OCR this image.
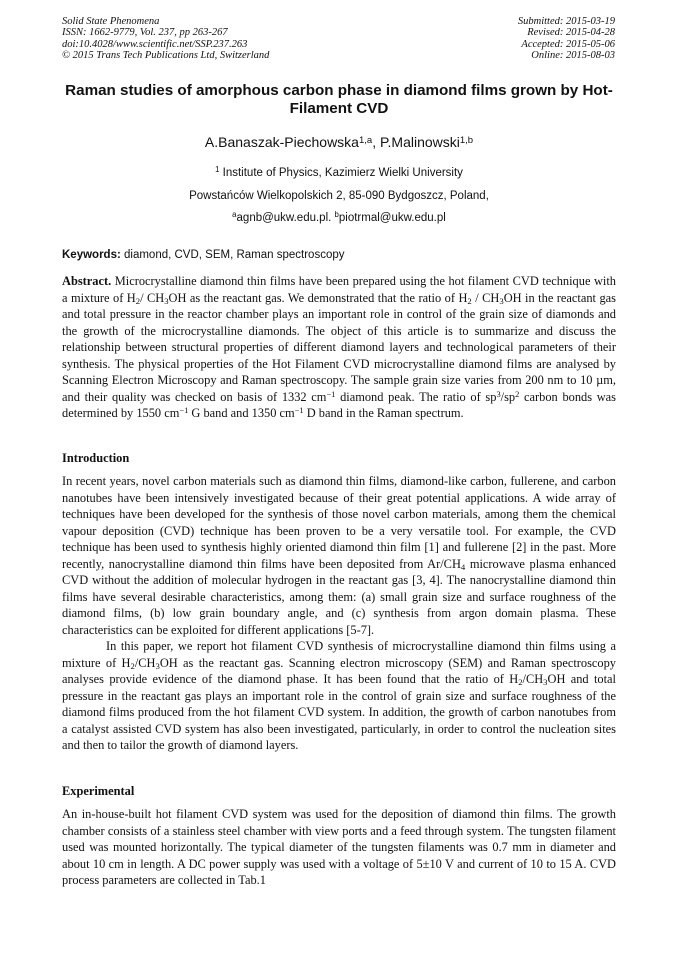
Solid State Phenomena
ISSN: 1662-9779, Vol. 237, pp 263-267
doi:10.4028/www.scientific.net/SSP.237.263
© 2015 Trans Tech Publications Ltd, Switzerland
Submitted: 2015-03-19
Revised: 2015-04-28
Accepted: 2015-05-06
Online: 2015-08-03
Raman studies of amorphous carbon phase in diamond films grown by Hot-Filament CVD
A.Banaszak-Piechowska$^{1,a}$, P.Malinowski$^{1,b}$
$^1$ Institute of Physics, Kazimierz Wielki University
Powstańców Wielkopolskich 2, 85-090 Bydgoszcz, Poland,
$^a$agnb@ukw.edu.pl. $^b$piotrmal@ukw.edu.pl
Keywords: diamond, CVD, SEM, Raman spectroscopy

Abstract. Microcrystalline diamond thin films have been prepared using the hot filament CVD technique with a mixture of $H_2/$ $CH_3OH$ as the reactant gas. We demonstrated that the ratio of $H_2 / CH_3OH$ in the reactant gas and total pressure in the reactor chamber plays an important role in control of the grain size of diamonds and the growth of the microcrystalline diamonds. The object of this article is to summarize and discuss the relationship between structural properties of different diamond layers and technological parameters of their synthesis. The physical properties of the Hot Filament CVD microcrystalline diamond films are analysed by Scanning Electron Microscopy and Raman spectroscopy. The sample grain size varies from 200 nm to 10 µm, and their quality was checked on basis of 1332 $cm^{-1}$ diamond peak. The ratio of $sp^3/sp^2$ carbon bonds was determined by 1550 $cm^{-1}$ G band and 1350 $cm^{-1}$ D band in the Raman spectrum.

Introduction

In recent years, novel carbon materials such as diamond thin films, diamond-like carbon, fullerene, and carbon nanotubes have been intensively investigated because of their great potential applications. A wide array of techniques have been developed for the synthesis of those novel carbon materials, among them the chemical vapour deposition (CVD) technique has been proven to be a very versatile tool. For example, the CVD technique has been used to synthesis highly oriented diamond thin film [1] and fullerene [2] in the past. More recently, nanocrystalline diamond thin films have been deposited from $Ar/CH_4$ microwave plasma enhanced CVD without the addition of molecular hydrogen in the reactant gas [3, 4]. The nanocrystalline diamond thin films have several desirable characteristics, among them: (a) small grain size and surface roughness of the diamond films, (b) low grain boundary angle, and (c) synthesis from argon domain plasma. These characteristics can be exploited for different applications [5-7].

In this paper, we report hot filament CVD synthesis of microcrystalline diamond thin films using a mixture of $H_2/CH_3OH$ as the reactant gas. Scanning electron microscopy (SEM) and Raman spectroscopy analyses provide evidence of the diamond phase. It has been found that the ratio of $H_2/CH_3OH$ and total pressure in the reactant gas plays an important role in the control of grain size and surface roughness of the diamond films produced from the hot filament CVD system. In addition, the growth of carbon nanotubes from a catalyst assisted CVD system has also been investigated, particularly, in order to control the nucleation sites and then to tailor the growth of diamond layers.

Experimental

An in-house-built hot filament CVD system was used for the deposition of diamond thin films. The growth chamber consists of a stainless steel chamber with view ports and a feed through system. The tungsten filament used was mounted horizontally. The typical diameter of the tungsten filaments was 0.7 mm in diameter and about 10 cm in length. A DC power supply was used with a voltage of 5±10 V and current of 10 to 15 A. CVD process parameters are collected in Tab.1
